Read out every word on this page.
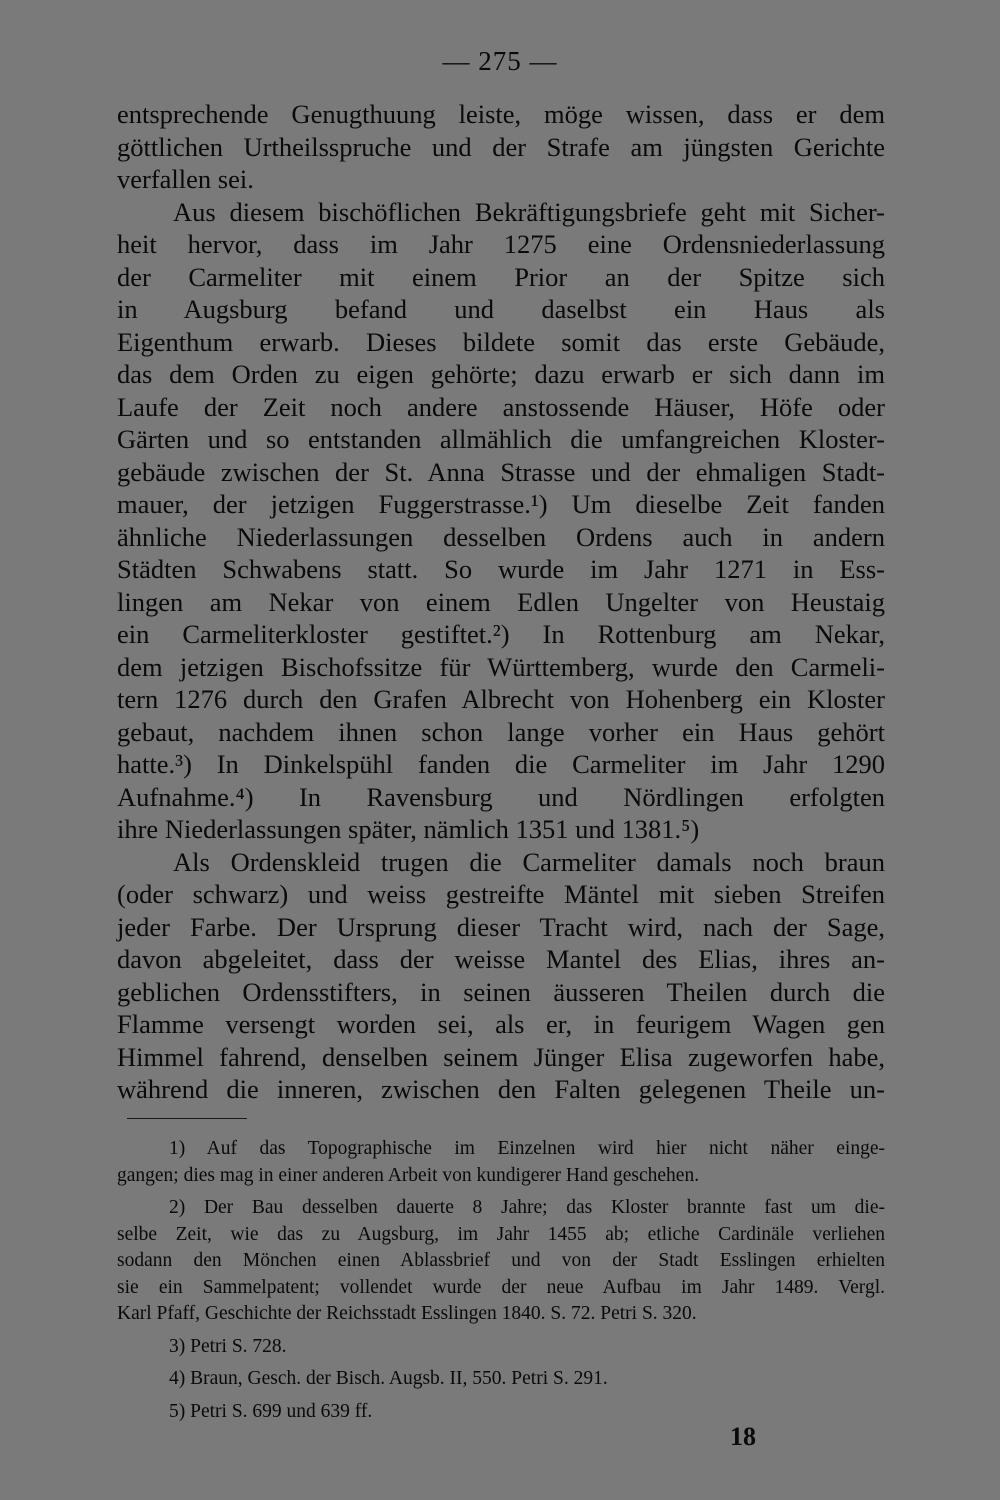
— 275 —
entsprechende Genugthuung leiste, möge wissen, dass er dem
göttlichen Urtheilsspruche und der Strafe am jüngsten Gerichte
verfallen sei.
Aus diesem bischöflichen Bekräftigungsbriefe geht mit Sicher-
heit hervor, dass im Jahr 1275 eine Ordensniederlassung
der Carmeliter mit einem Prior an der Spitze sich
in Augsburg befand und daselbst ein Haus als
Eigenthum erwarb. Dieses bildete somit das erste Gebäude,
das dem Orden zu eigen gehörte; dazu erwarb er sich dann im
Laufe der Zeit noch andere anstossende Häuser, Höfe oder
Gärten und so entstanden allmählich die umfangreichen Kloster-
gebäude zwischen der St. Anna Strasse und der ehmaligen Stadt-
mauer, der jetzigen Fuggerstrasse.¹) Um dieselbe Zeit fanden
ähnliche Niederlassungen desselben Ordens auch in andern
Städten Schwabens statt. So wurde im Jahr 1271 in Ess-
lingen am Nekar von einem Edlen Ungelter von Heustaig
ein Carmeliterkloster gestiftet.²) In Rottenburg am Nekar,
dem jetzigen Bischofssitze für Württemberg, wurde den Carmeli-
tern 1276 durch den Grafen Albrecht von Hohenberg ein Kloster
gebaut, nachdem ihnen schon lange vorher ein Haus gehört
hatte.³) In Dinkelspühl fanden die Carmeliter im Jahr 1290
Aufnahme.⁴) In Ravensburg und Nördlingen erfolgten
ihre Niederlassungen später, nämlich 1351 und 1381.⁵)
Als Ordenskleid trugen die Carmeliter damals noch braun
(oder schwarz) und weiss gestreifte Mäntel mit sieben Streifen
jeder Farbe. Der Ursprung dieser Tracht wird, nach der Sage,
davon abgeleitet, dass der weisse Mantel des Elias, ihres an-
geblichen Ordensstifters, in seinen äusseren Theilen durch die
Flamme versengt worden sei, als er, in feurigem Wagen gen
Himmel fahrend, denselben seinem Jünger Elisa zugeworfen habe,
während die inneren, zwischen den Falten gelegenen Theile un-
1) Auf das Topographische im Einzelnen wird hier nicht näher einge-
gangen; dies mag in einer anderen Arbeit von kundigerer Hand geschehen.
2) Der Bau desselben dauerte 8 Jahre; das Kloster brannte fast um die-
selbe Zeit, wie das zu Augsburg, im Jahr 1455 ab; etliche Cardinäle verliehen
sodann den Mönchen einen Ablassbrief und von der Stadt Esslingen erhielten
sie ein Sammelpatent; vollendet wurde der neue Aufbau im Jahr 1489. Vergl.
Karl Pfaff, Geschichte der Reichsstadt Esslingen 1840. S. 72. Petri S. 320.
3) Petri S. 728.
4) Braun, Gesch. der Bisch. Augsb. II, 550. Petri S. 291.
5) Petri S. 699 und 639 ff.
18
